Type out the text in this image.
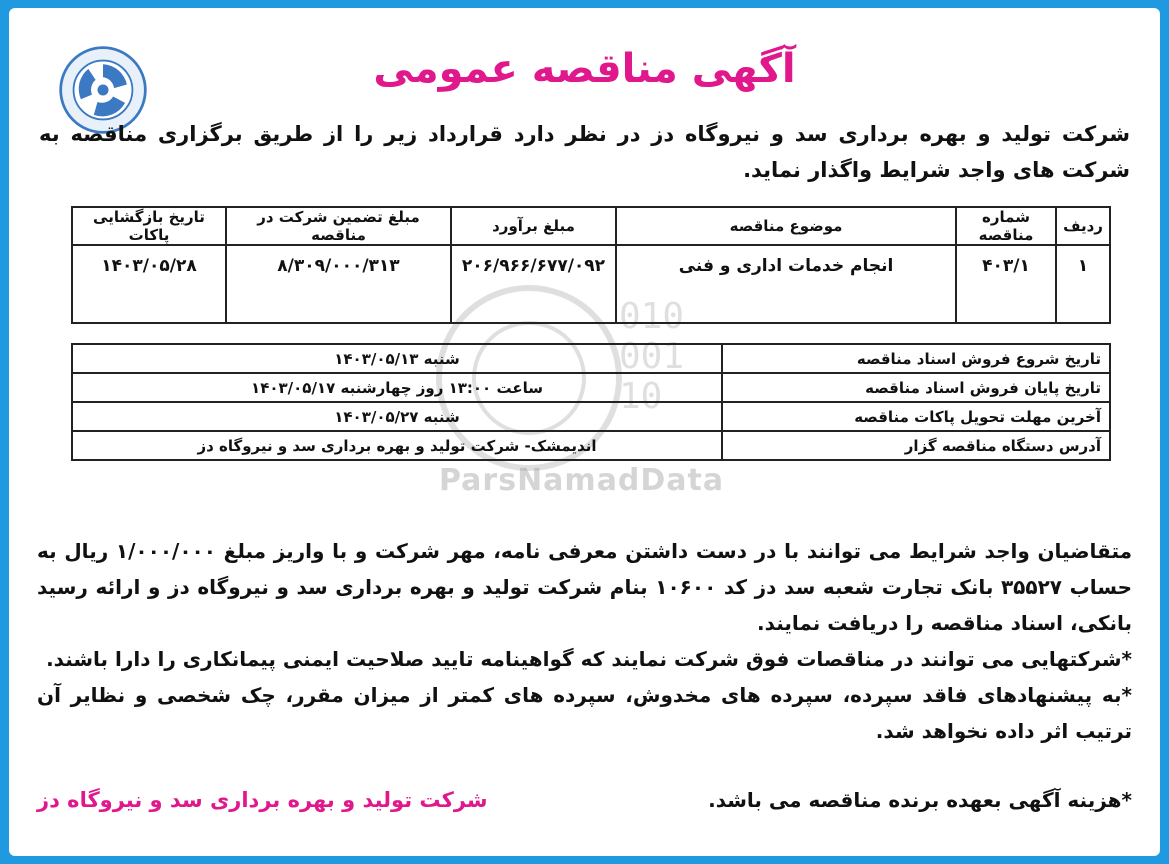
010
001
10
ParsNamadData
آگهی مناقصه عمومی
شرکت تولید و بهره برداری سد و نیروگاه دز در نظر دارد قرارداد زیر را از طریق برگزاری مناقصه به شرکت های واجد شرایط واگذار نماید.
ردیف	شماره مناقصه	موضوع مناقصه	مبلغ برآورد	مبلغ تضمین شرکت در مناقصه	تاریخ بازگشایی پاکات
۱	۴۰۳/۱	انجام خدمات اداری و فنی	۲۰۶/۹۶۶/۶۷۷/۰۹۲	۸/۳۰۹/۰۰۰/۳۱۳	۱۴۰۳/۰۵/۲۸
تاریخ شروع فروش اسناد مناقصه	شنبه ۱۴۰۳/۰۵/۱۳
تاریخ پایان فروش اسناد مناقصه	ساعت ۱۳:۰۰ روز چهارشنبه ۱۴۰۳/۰۵/۱۷
آخرین مهلت تحویل پاکات مناقصه	شنبه ۱۴۰۳/۰۵/۲۷
آدرس دستگاه مناقصه گزار	اندیمشک- شرکت تولید و بهره برداری سد و نیروگاه دز

متقاضیان واجد شرایط می توانند با در دست داشتن معرفی نامه، مهر شرکت و با واریز مبلغ ۱/۰۰۰/۰۰۰ ریال به حساب ۳۵۵۲۷ بانک تجارت شعبه سد دز کد ۱۰۶۰۰ بنام شرکت تولید و بهره برداری سد و نیروگاه دز و ارائه رسید بانکی، اسناد مناقصه را دریافت نمایند.

*شرکتهایی می توانند در مناقصات فوق شرکت نمایند که گواهینامه تایید صلاحیت ایمنی پیمانکاری را دارا باشند.

*به پیشنهادهای فاقد سپرده، سپرده های مخدوش، سپرده های کمتر از میزان مقرر، چک شخصی و نظایر آن ترتیب اثر داده نخواهد شد.

*هزینه آگهی بعهده برنده مناقصه می باشد.
شرکت تولید و بهره برداری سد و نیروگاه دز
